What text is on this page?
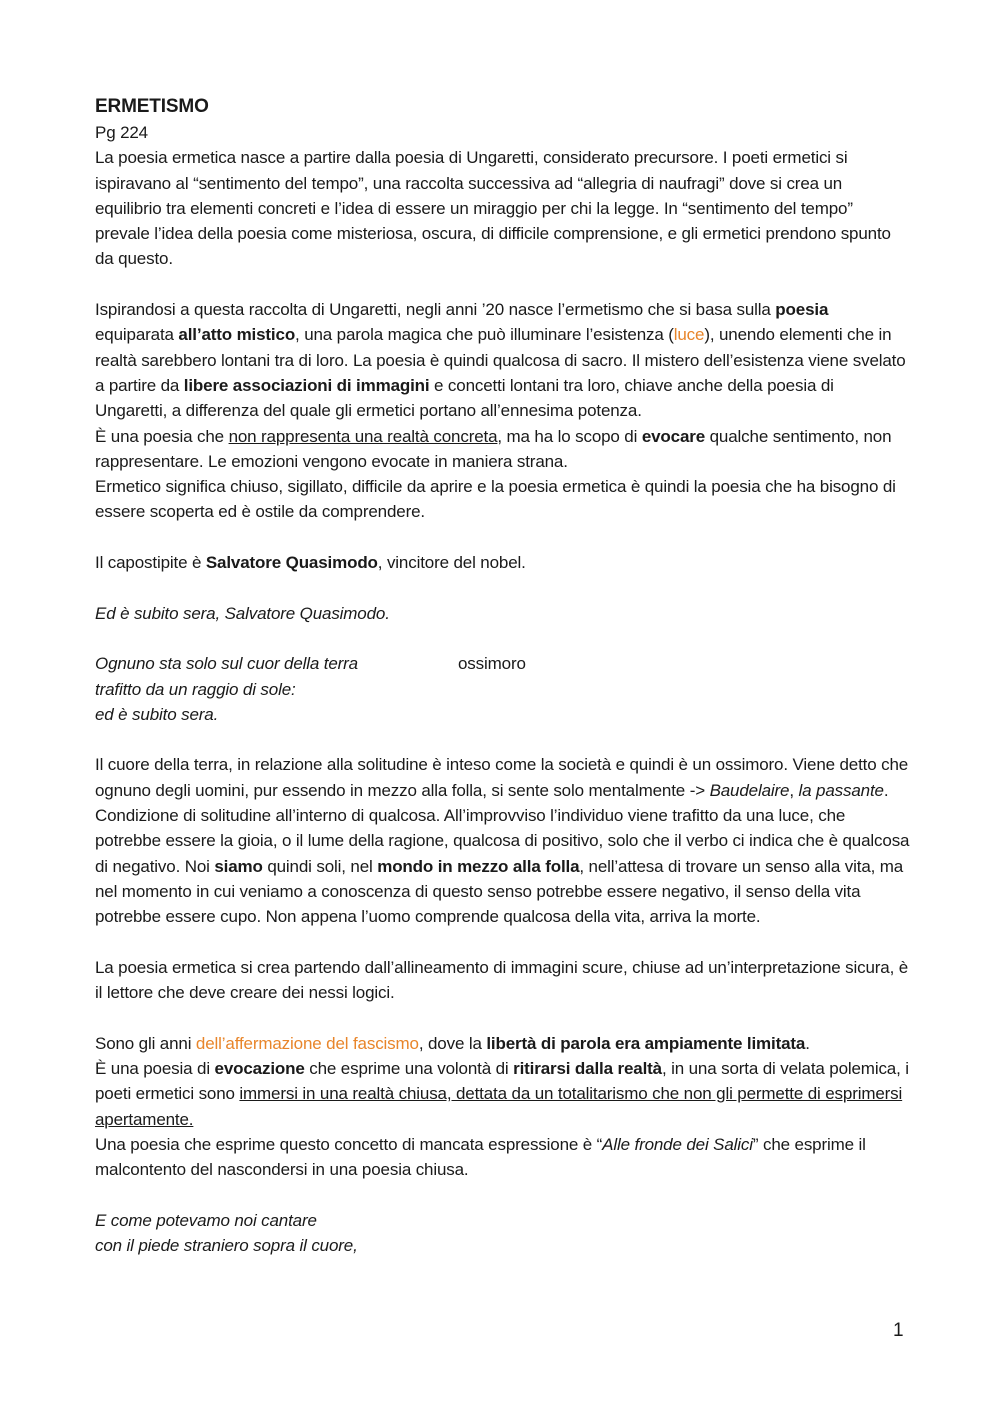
ERMETISMO

Pg 224

La poesia ermetica nasce a partire dalla poesia di Ungaretti, considerato precursore. I poeti ermetici si ispiravano al “sentimento del tempo”, una raccolta successiva ad “allegria di naufragi” dove si crea un equilibrio tra elementi concreti e l’idea di essere un miraggio per chi la legge. In “sentimento del tempo” prevale l’idea della poesia come misteriosa, oscura, di difficile comprensione, e gli ermetici prendono spunto da questo.

Ispirandosi a questa raccolta di Ungaretti, negli anni ’20 nasce l’ermetismo che si basa sulla poesia equiparata all’atto mistico, una parola magica che può illuminare l’esistenza (luce), unendo elementi che in realtà sarebbero lontani tra di loro. La poesia è quindi qualcosa di sacro. Il mistero dell’esistenza viene svelato a partire da libere associazioni di immagini e concetti lontani tra loro, chiave anche della poesia di Ungaretti, a differenza del quale gli ermetici portano all’ennesima potenza.

È una poesia che non rappresenta una realtà concreta, ma ha lo scopo di evocare qualche sentimento, non rappresentare. Le emozioni vengono evocate in maniera strana.

Ermetico significa chiuso, sigillato, difficile da aprire e la poesia ermetica è quindi la poesia che ha bisogno di essere scoperta ed è ostile da comprendere.

Il capostipite è Salvatore Quasimodo, vincitore del nobel.

Ed è subito sera, Salvatore Quasimodo.

Ognuno sta solo sul cuor della terra	ossimoro

trafitto da un raggio di sole:

ed è subito sera.

Il cuore della terra, in relazione alla solitudine è inteso come la società e quindi è un ossimoro. Viene detto che ognuno degli uomini, pur essendo in mezzo alla folla, si sente solo mentalmente -> Baudelaire, la passante. Condizione di solitudine all’interno di qualcosa. All’improvviso l’individuo viene trafitto da una luce, che potrebbe essere la gioia, o il lume della ragione, qualcosa di positivo, solo che il verbo ci indica che è qualcosa di negativo. Noi siamo quindi soli, nel mondo in mezzo alla folla, nell’attesa di trovare un senso alla vita, ma nel momento in cui veniamo a conoscenza di questo senso potrebbe essere negativo, il senso della vita potrebbe essere cupo. Non appena l’uomo comprende qualcosa della vita, arriva la morte.

La poesia ermetica si crea partendo dall’allineamento di immagini scure, chiuse ad un’interpretazione sicura, è il lettore che deve creare dei nessi logici.

Sono gli anni dell’affermazione del fascismo, dove la libertà di parola era ampiamente limitata.

È una poesia di evocazione che esprime una volontà di ritirarsi dalla realtà, in una sorta di velata polemica, i poeti ermetici sono immersi in una realtà chiusa, dettata da un totalitarismo che non gli permette di esprimersi apertamente.

Una poesia che esprime questo concetto di mancata espressione è “Alle fronde dei Salici” che esprime il malcontento del nascondersi in una poesia chiusa.

E come potevamo noi cantare

con il piede straniero sopra il cuore,

1
